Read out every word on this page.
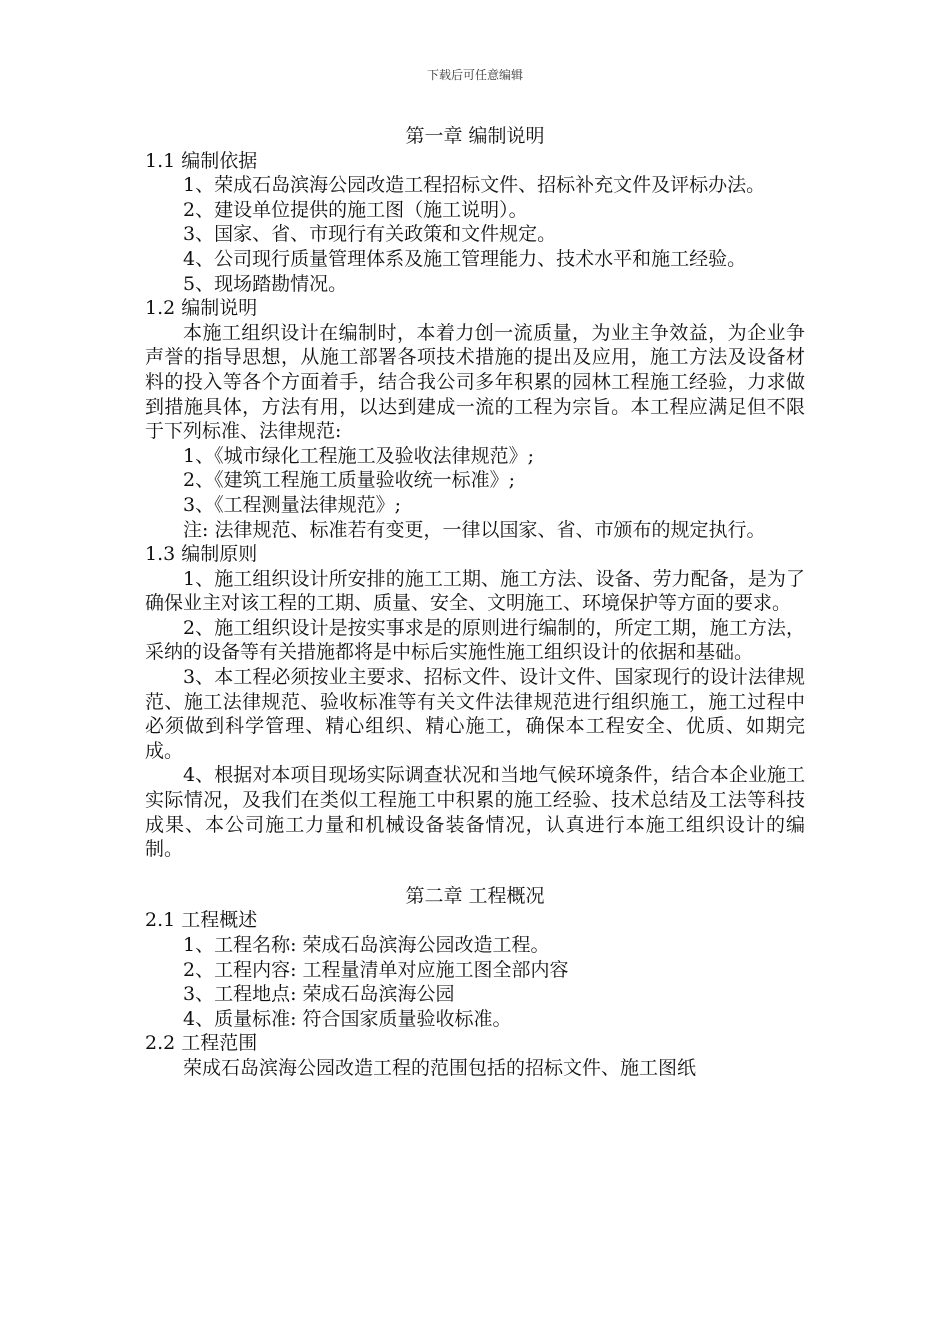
下载后可任意编辑

第一章 编制说明

1.1 编制依据

1、荣成石岛滨海公园改造工程招标文件、招标补充文件及评标办法。

2、建设单位提供的施工图（施工说明）。

3、国家、省、市现行有关政策和文件规定。

4、公司现行质量管理体系及施工管理能力、技术水平和施工经验。

5、现场踏勘情况。

1.2 编制说明

本施工组织设计在编制时，本着力创一流质量，为业主争效益，为企业争声誉的指导思想，从施工部署各项技术措施的提出及应用，施工方法及设备材料的投入等各个方面着手，结合我公司多年积累的园林工程施工经验，力求做到措施具体，方法有用，以达到建成一流的工程为宗旨。本工程应满足但不限于下列标准、法律规范:

1、《城市绿化工程施工及验收法律规范》;

2、《建筑工程施工质量验收统一标准》;

3、《工程测量法律规范》;

注: 法律规范、标准若有变更，一律以国家、省、市颁布的规定执行。

1.3 编制原则

1、施工组织设计所安排的施工工期、施工方法、设备、劳力配备，是为了确保业主对该工程的工期、质量、安全、文明施工、环境保护等方面的要求。

2、施工组织设计是按实事求是的原则进行编制的，所定工期，施工方法，采纳的设备等有关措施都将是中标后实施性施工组织设计的依据和基础。

3、本工程必须按业主要求、招标文件、设计文件、国家现行的设计法律规范、施工法律规范、验收标准等有关文件法律规范进行组织施工，施工过程中必须做到科学管理、精心组织、精心施工，确保本工程安全、优质、如期完成。

4、根据对本项目现场实际调查状况和当地气候环境条件，结合本企业施工实际情况，及我们在类似工程施工中积累的施工经验、技术总结及工法等科技成果、本公司施工力量和机械设备装备情况，认真进行本施工组织设计的编制。

第二章 工程概况

2.1 工程概述

1、工程名称: 荣成石岛滨海公园改造工程。

2、工程内容: 工程量清单对应施工图全部内容

3、工程地点: 荣成石岛滨海公园

4、质量标准: 符合国家质量验收标准。

2.2 工程范围

荣成石岛滨海公园改造工程的范围包括的招标文件、施工图纸
